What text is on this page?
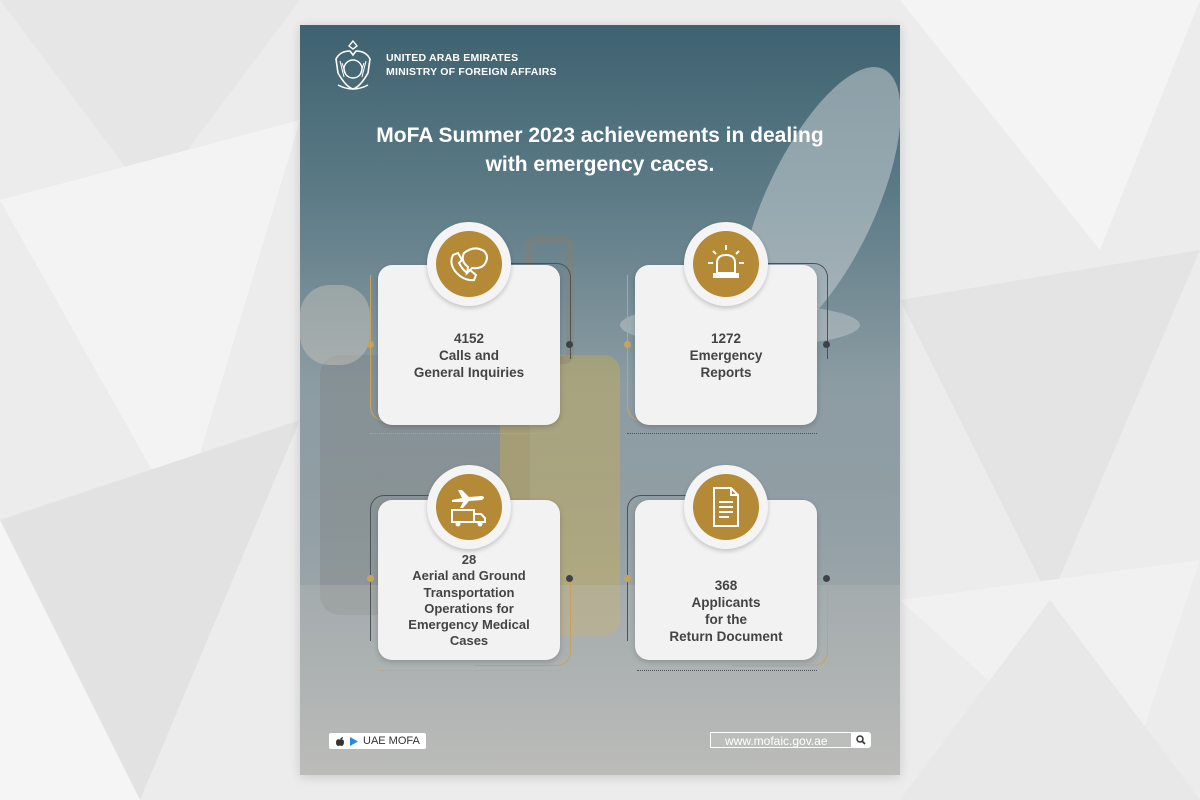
UNITED ARAB EMIRATES
MINISTRY OF FOREIGN AFFAIRS
MoFA Summer 2023 achievements in dealing
with emergency caces.
4152
Calls and
General Inquiries
1272
Emergency
Reports
28
Aerial and Ground
Transportation
Operations for
Emergency Medical
Cases
368
Applicants
for the
Return Document
UAE MOFA	www.mofaic.gov.ae
